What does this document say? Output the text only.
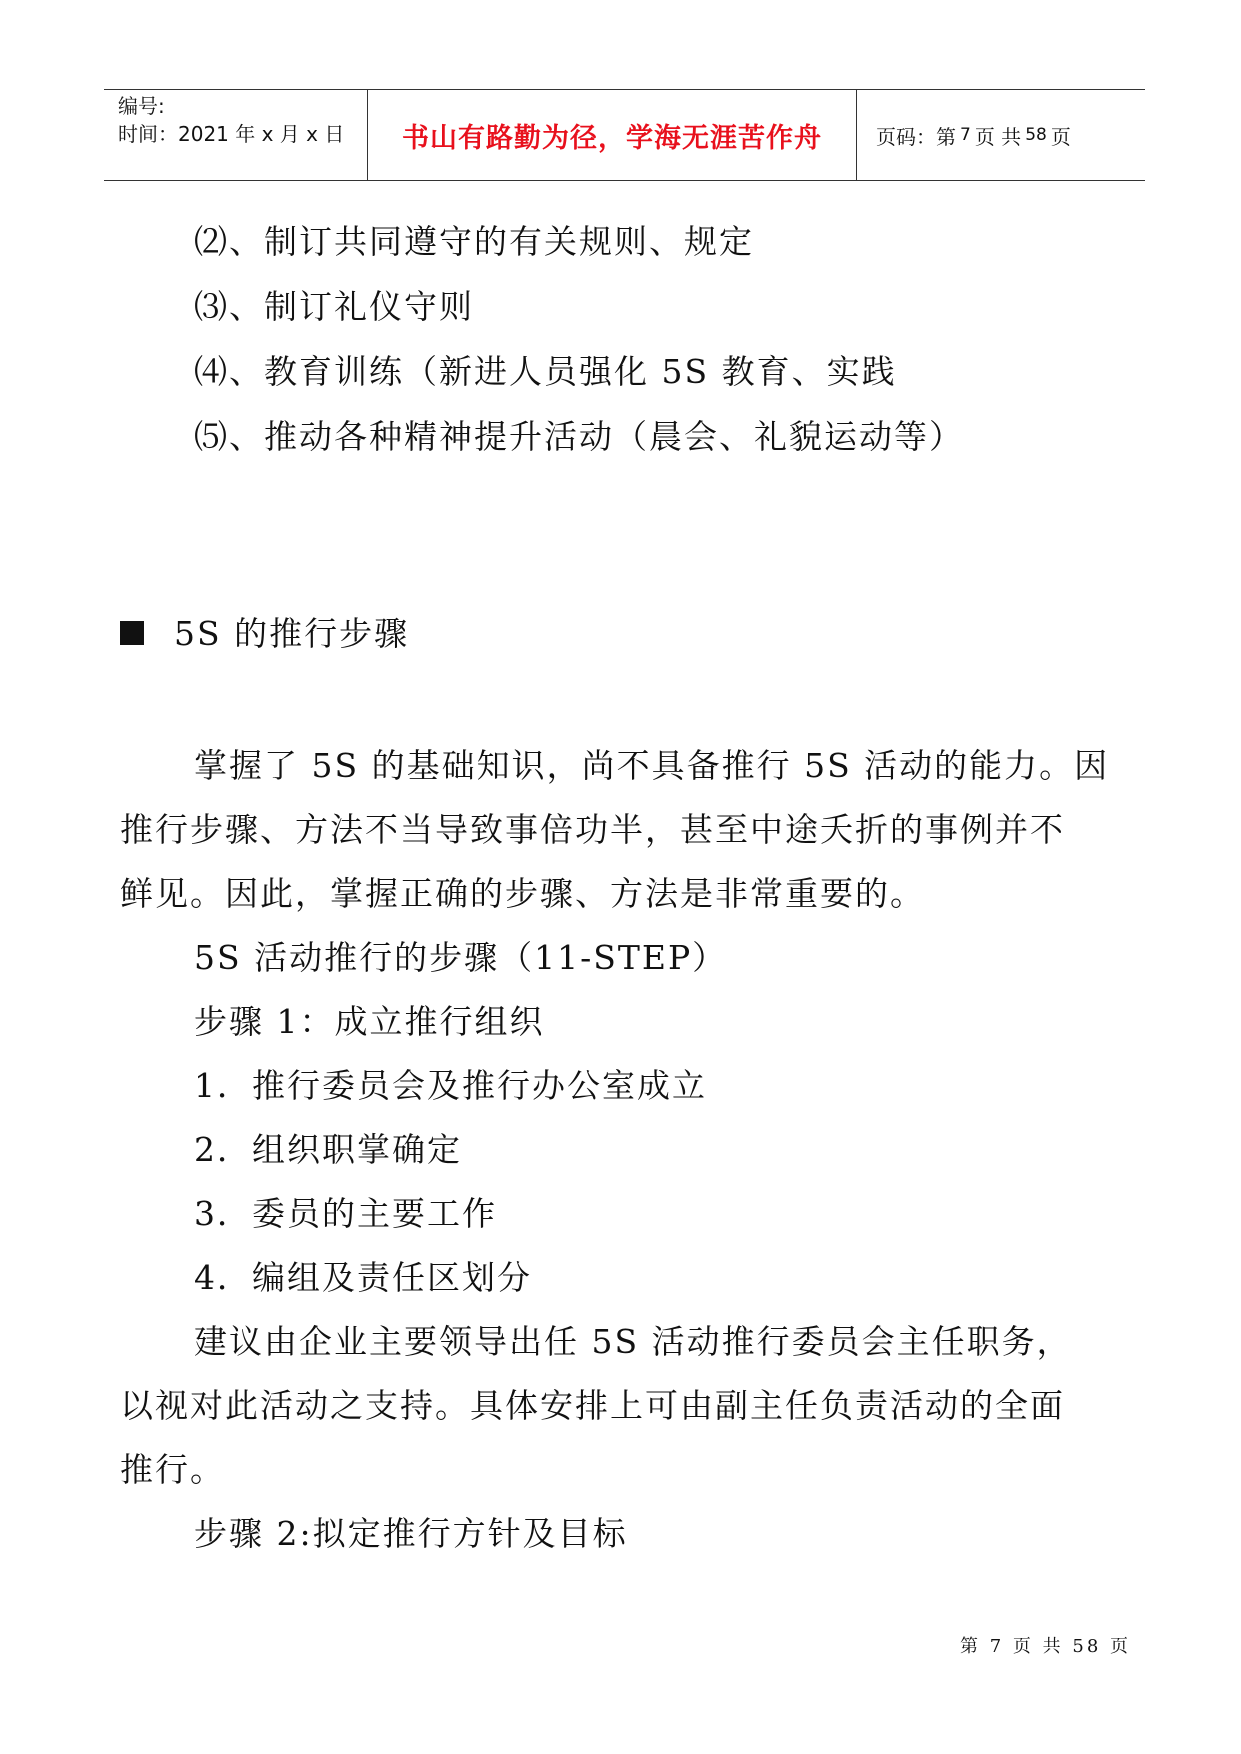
编号:
时间：2021 年 x 月 x 日	书山有路勤为径，学海无涯苦作舟	页码：第 7 页 共 58 页
⑵、制订共同遵守的有关规则、规定
⑶、制订礼仪守则
⑷、教育训练（新进人员强化 5S 教育、实践
⑸、推动各种精神提升活动（晨会、礼貌运动等）
5S 的推行步骤
掌握了 5S 的基础知识，尚不具备推行 5S 活动的能力。因
推行步骤、方法不当导致事倍功半，甚至中途夭折的事例并不
鲜见。因此，掌握正确的步骤、方法是非常重要的。
5S 活动推行的步骤（11-STEP）
步骤 1：成立推行组织
1．推行委员会及推行办公室成立
2．组织职掌确定
3．委员的主要工作
4．编组及责任区划分
建议由企业主要领导出任 5S 活动推行委员会主任职务，
以视对此活动之支持。具体安排上可由副主任负责活动的全面
推行。
步骤 2:拟定推行方针及目标
第 7 页 共 58 页
